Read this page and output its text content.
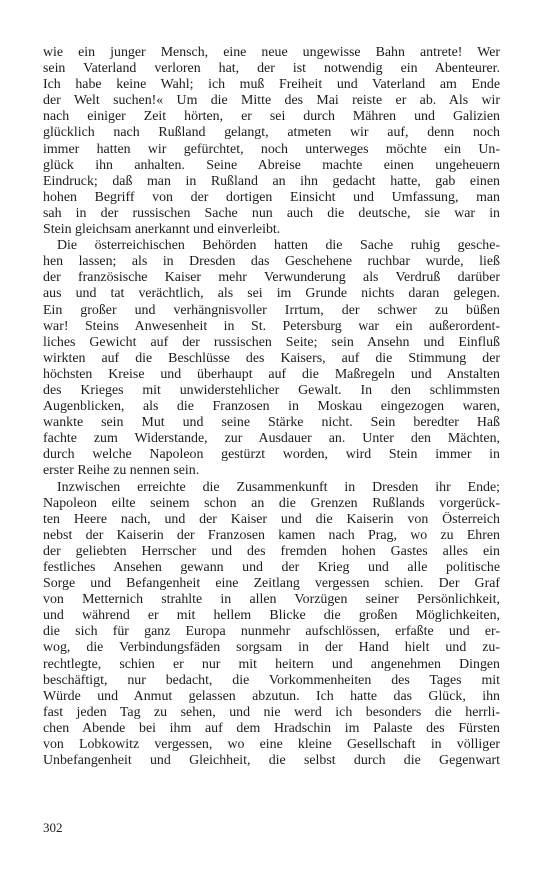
wie ein junger Mensch, eine neue ungewisse Bahn antrete! Wer
sein Vaterland verloren hat, der ist notwendig ein Abenteurer.
Ich habe keine Wahl; ich muß Freiheit und Vaterland am Ende
der Welt suchen!« Um die Mitte des Mai reiste er ab. Als wir
nach einiger Zeit hörten, er sei durch Mähren und Galizien
glücklich nach Rußland gelangt, atmeten wir auf, denn noch
immer hatten wir gefürchtet, noch unterweges möchte ein Un-
glück ihn anhalten. Seine Abreise machte einen ungeheuern
Eindruck; daß man in Rußland an ihn gedacht hatte, gab einen
hohen Begriff von der dortigen Einsicht und Umfassung, man
sah in der russischen Sache nun auch die deutsche, sie war in
Stein gleichsam anerkannt und einverleibt.
Die österreichischen Behörden hatten die Sache ruhig gesche-
hen lassen; als in Dresden das Geschehene ruchbar wurde, ließ
der französische Kaiser mehr Verwunderung als Verdruß darüber
aus und tat verächtlich, als sei im Grunde nichts daran gelegen.
Ein großer und verhängnisvoller Irrtum, der schwer zu büßen
war! Steins Anwesenheit in St. Petersburg war ein außerordent-
liches Gewicht auf der russischen Seite; sein Ansehn und Einfluß
wirkten auf die Beschlüsse des Kaisers, auf die Stimmung der
höchsten Kreise und überhaupt auf die Maßregeln und Anstalten
des Krieges mit unwiderstehlicher Gewalt. In den schlimmsten
Augenblicken, als die Franzosen in Moskau eingezogen waren,
wankte sein Mut und seine Stärke nicht. Sein beredter Haß
fachte zum Widerstande, zur Ausdauer an. Unter den Mächten,
durch welche Napoleon gestürzt worden, wird Stein immer in
erster Reihe zu nennen sein.
Inzwischen erreichte die Zusammenkunft in Dresden ihr Ende;
Napoleon eilte seinem schon an die Grenzen Rußlands vorgerück-
ten Heere nach, und der Kaiser und die Kaiserin von Österreich
nebst der Kaiserin der Franzosen kamen nach Prag, wo zu Ehren
der geliebten Herrscher und des fremden hohen Gastes alles ein
festliches Ansehen gewann und der Krieg und alle politische
Sorge und Befangenheit eine Zeitlang vergessen schien. Der Graf
von Metternich strahlte in allen Vorzügen seiner Persönlichkeit,
und während er mit hellem Blicke die großen Möglichkeiten,
die sich für ganz Europa nunmehr aufschlössen, erfaßte und er-
wog, die Verbindungsfäden sorgsam in der Hand hielt und zu-
rechtlegte, schien er nur mit heitern und angenehmen Dingen
beschäftigt, nur bedacht, die Vorkommenheiten des Tages mit
Würde und Anmut gelassen abzutun. Ich hatte das Glück, ihn
fast jeden Tag zu sehen, und nie werd ich besonders die herrli-
chen Abende bei ihm auf dem Hradschin im Palaste des Fürsten
von Lobkowitz vergessen, wo eine kleine Gesellschaft in völliger
Unbefangenheit und Gleichheit, die selbst durch die Gegenwart
302
